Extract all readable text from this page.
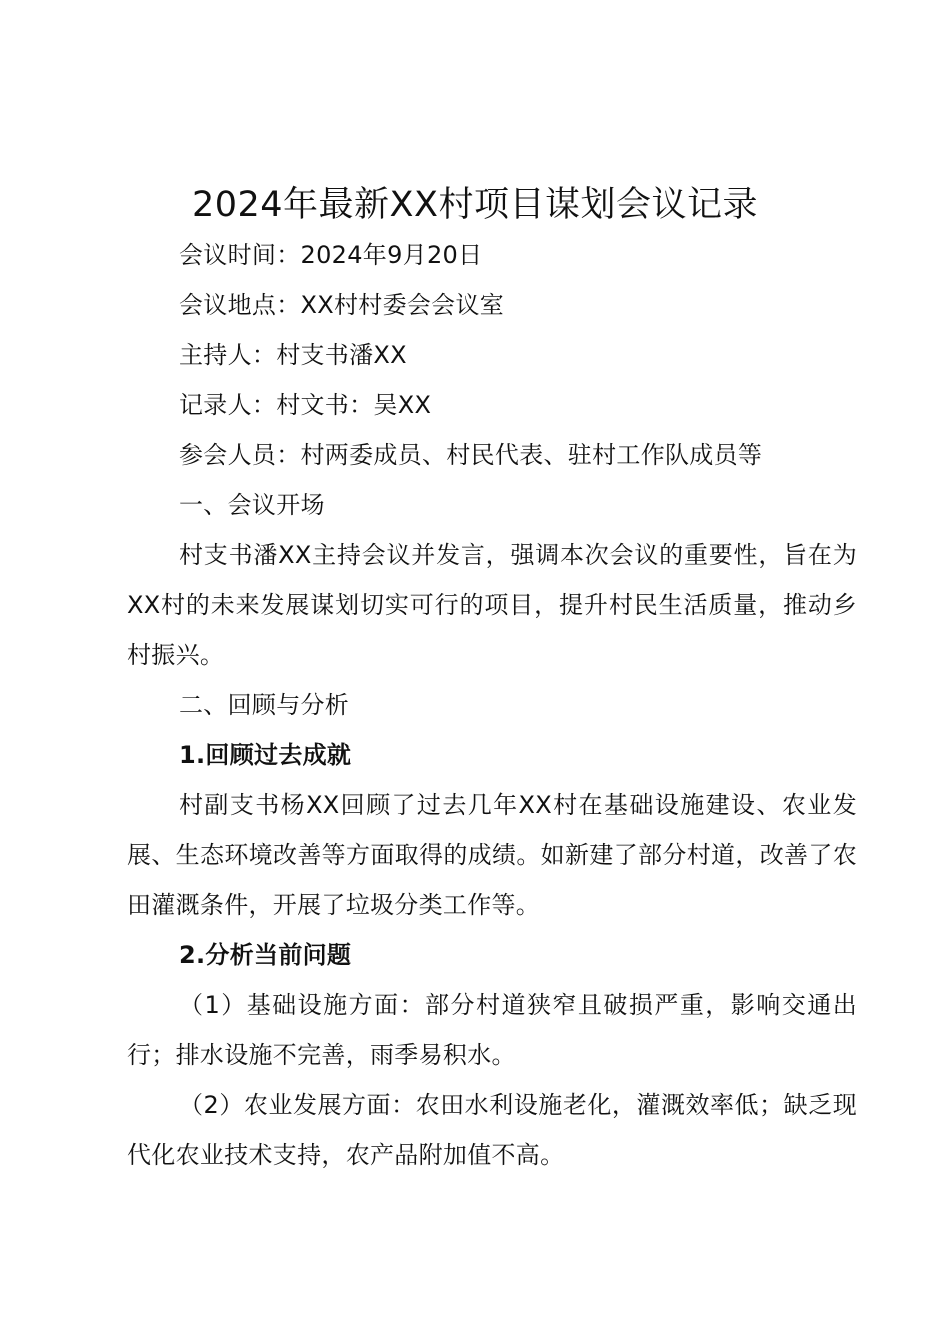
2024年最新XX村项目谋划会议记录

会议时间：2024年9月20日

会议地点：XX村村委会会议室

主持人：村支书潘XX

记录人：村文书：吴XX

参会人员：村两委成员、村民代表、驻村工作队成员等

一、会议开场

村支书潘XX主持会议并发言，强调本次会议的重要性，旨在为XX村的未来发展谋划切实可行的项目，提升村民生活质量，推动乡村振兴。

二、回顾与分析

1.回顾过去成就

村副支书杨XX回顾了过去几年XX村在基础设施建设、农业发展、生态环境改善等方面取得的成绩。如新建了部分村道，改善了农田灌溉条件，开展了垃圾分类工作等。

2.分析当前问题

（1）基础设施方面：部分村道狭窄且破损严重，影响交通出行；排水设施不完善，雨季易积水。

（2）农业发展方面：农田水利设施老化，灌溉效率低；缺乏现代化农业技术支持，农产品附加值不高。
